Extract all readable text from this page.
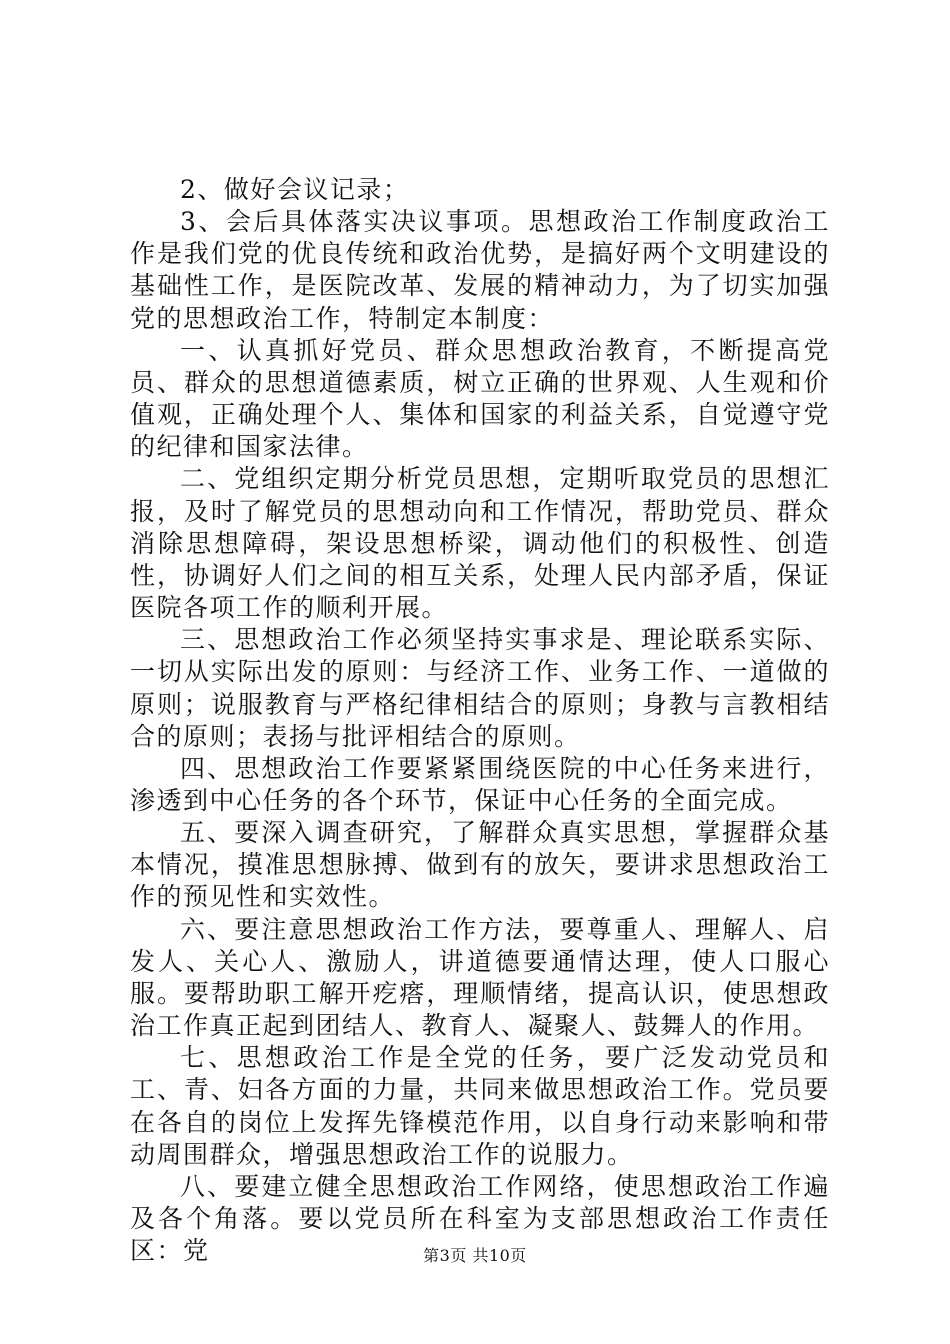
2、做好会议记录；

3、会后具体落实决议事项。思想政治工作制度政治工作是我们党的优良传统和政治优势，是搞好两个文明建设的基础性工作，是医院改革、发展的精神动力，为了切实加强党的思想政治工作，特制定本制度：

一、认真抓好党员、群众思想政治教育，不断提高党员、群众的思想道德素质，树立正确的世界观、人生观和价值观，正确处理个人、集体和国家的利益关系，自觉遵守党的纪律和国家法律。

二、党组织定期分析党员思想，定期听取党员的思想汇报，及时了解党员的思想动向和工作情况，帮助党员、群众消除思想障碍，架设思想桥梁，调动他们的积极性、创造性，协调好人们之间的相互关系，处理人民内部矛盾，保证医院各项工作的顺利开展。

三、思想政治工作必须坚持实事求是、理论联系实际、一切从实际出发的原则：与经济工作、业务工作、一道做的原则；说服教育与严格纪律相结合的原则；身教与言教相结合的原则；表扬与批评相结合的原则。

四、思想政治工作要紧紧围绕医院的中心任务来进行，渗透到中心任务的各个环节，保证中心任务的全面完成。

五、要深入调查研究，了解群众真实思想，掌握群众基本情况，摸准思想脉搏、做到有的放矢，要讲求思想政治工作的预见性和实效性。

六、要注意思想政治工作方法，要尊重人、理解人、启发人、关心人、激励人，讲道德要通情达理，使人口服心服。要帮助职工解开疙瘩，理顺情绪，提高认识，使思想政治工作真正起到团结人、教育人、凝聚人、鼓舞人的作用。

七、思想政治工作是全党的任务，要广泛发动党员和工、青、妇各方面的力量，共同来做思想政治工作。党员要在各自的岗位上发挥先锋模范作用，以自身行动来影响和带动周围群众，增强思想政治工作的说服力。

八、要建立健全思想政治工作网络，使思想政治工作遍及各个角落。要以党员所在科室为支部思想政治工作责任区：党	第3页 共10页
